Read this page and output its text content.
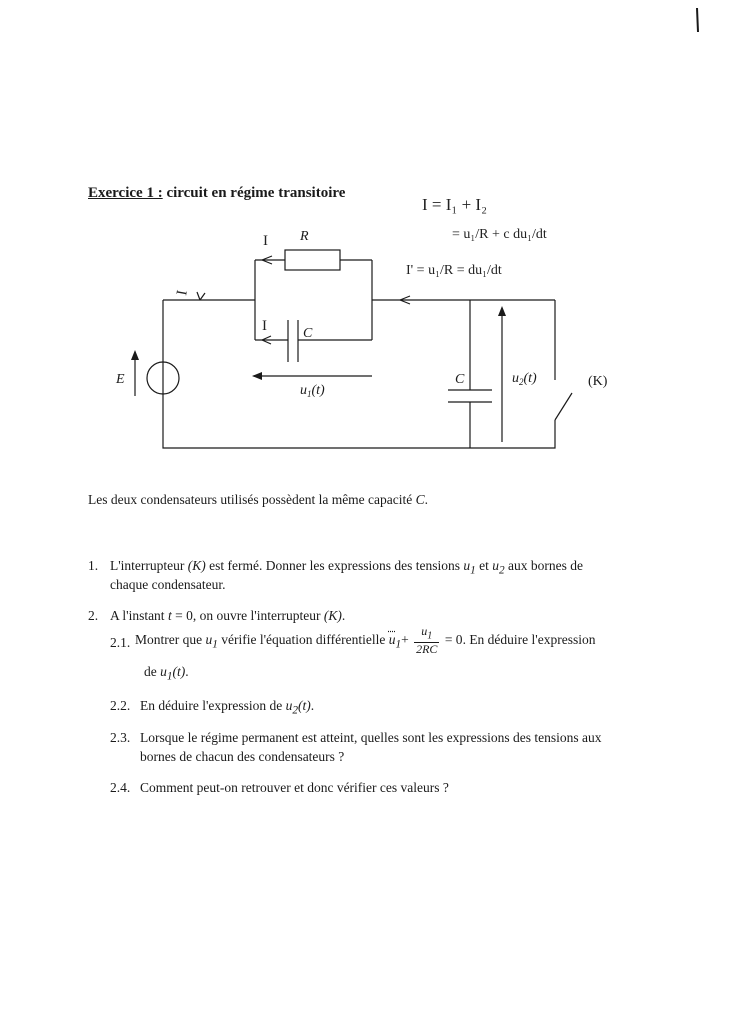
Exercice 1 : circuit en régime transitoire
E
R
C
C	(K)
$u_1(t)$
$u_2(t)$
I
I
I
I = I₁ + I₂
= u₁/R + c du₁/dt
I' = u₁/R = du₁/dt
Les deux condensateurs utilisés possèdent la même capacité C.
1. L'interrupteur (K) est fermé. Donner les expressions des tensions $u_1$ et $u_2$ aux bornes de
chaque condensateur.
2. A l'instant t = 0, on ouvre l'interrupteur (K).
2.1. Montrer que $u_1$ vérifie l'équation différentielle $u_1+ \frac{u_1}{2RC} = 0$. En déduire l'expression
de $u_1(t)$.
2.2. En déduire l'expression de $u_2(t)$.
2.3. Lorsque le régime permanent est atteint, quelles sont les expressions des tensions aux
bornes de chacun des condensateurs ?
2.4. Comment peut-on retrouver et donc vérifier ces valeurs ?
